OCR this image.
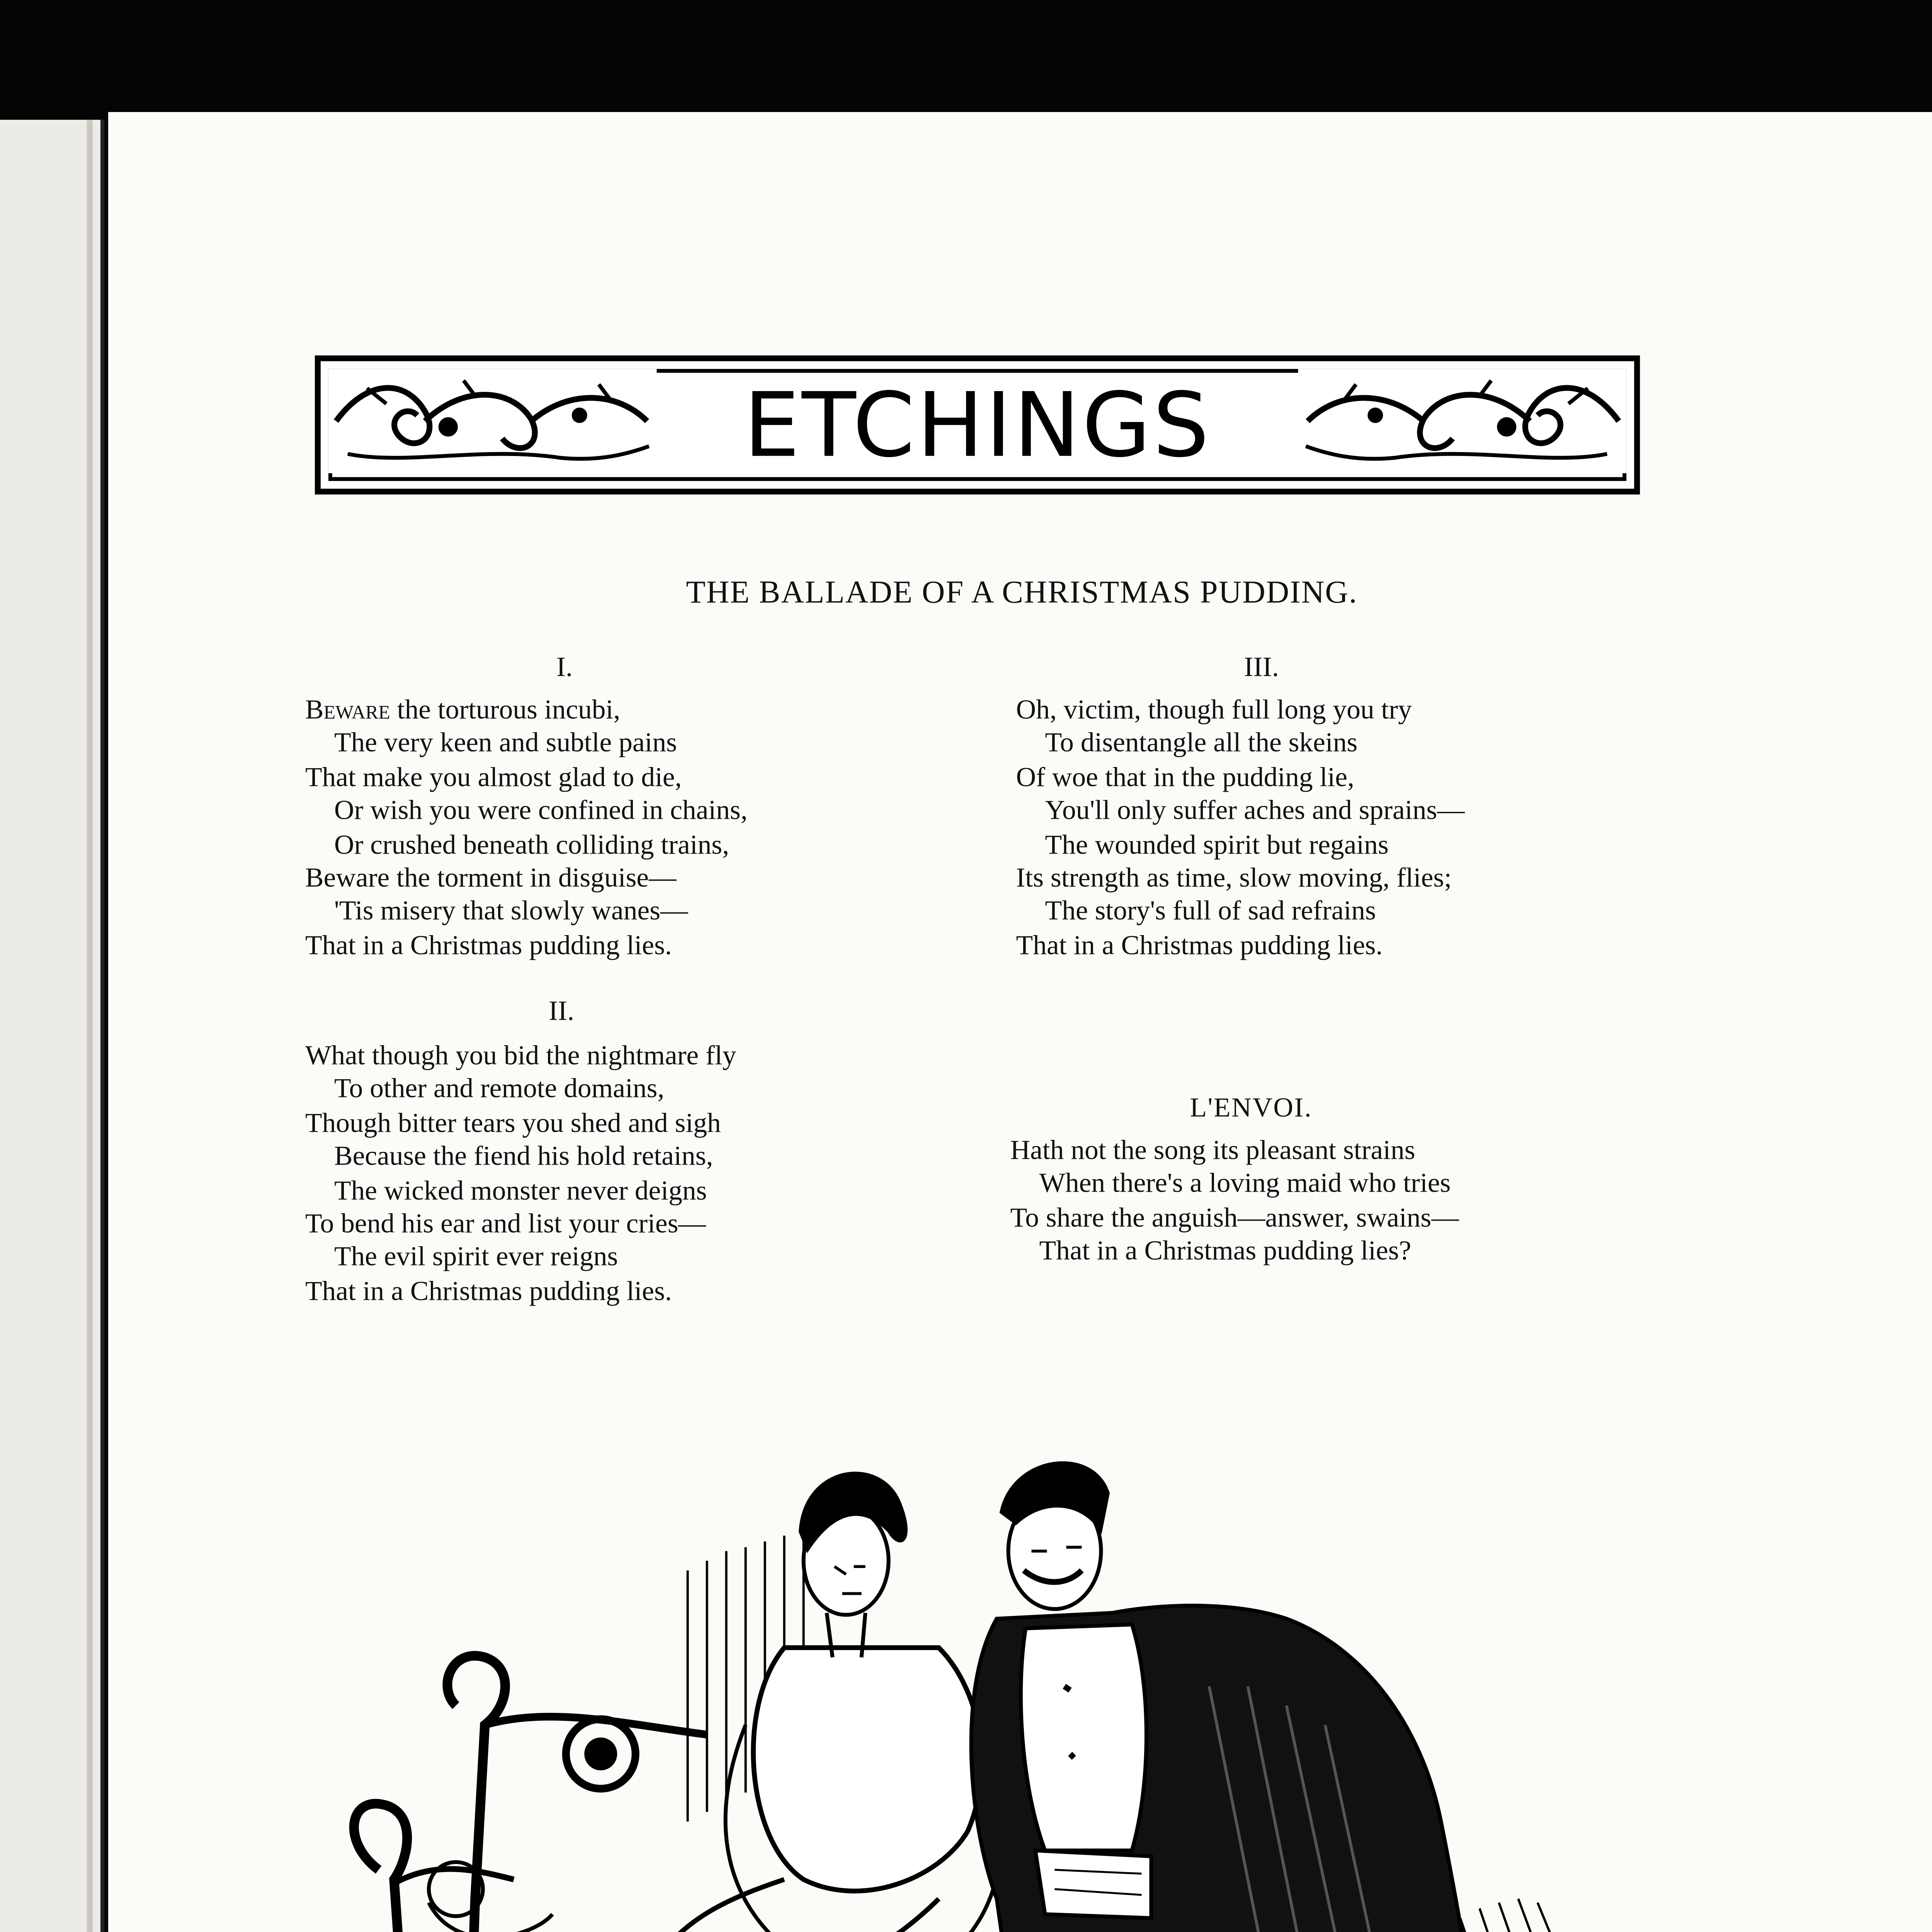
ETCHINGS
THE BALLADE OF A CHRISTMAS PUDDING.
I.
Beware the torturous incubi,
The very keen and subtle pains
That make you almost glad to die,
Or wish you were confined in chains,
Or crushed beneath colliding trains,
Beware the torment in disguise—
'Tis misery that slowly wanes—
That in a Christmas pudding lies.
II.
What though you bid the nightmare fly
To other and remote domains,
Though bitter tears you shed and sigh
Because the fiend his hold retains,
The wicked monster never deigns
To bend his ear and list your cries—
The evil spirit ever reigns
That in a Christmas pudding lies.
III.
Oh, victim, though full long you try
To disentangle all the skeins
Of woe that in the pudding lie,
You'll only suffer aches and sprains—
The wounded spirit but regains
Its strength as time, slow moving, flies;
The story's full of sad refrains
That in a Christmas pudding lies.
L'ENVOI.
Hath not the song its pleasant strains
When there's a loving maid who tries
To share the anguish—answer, swains—
That in a Christmas pudding lies?
